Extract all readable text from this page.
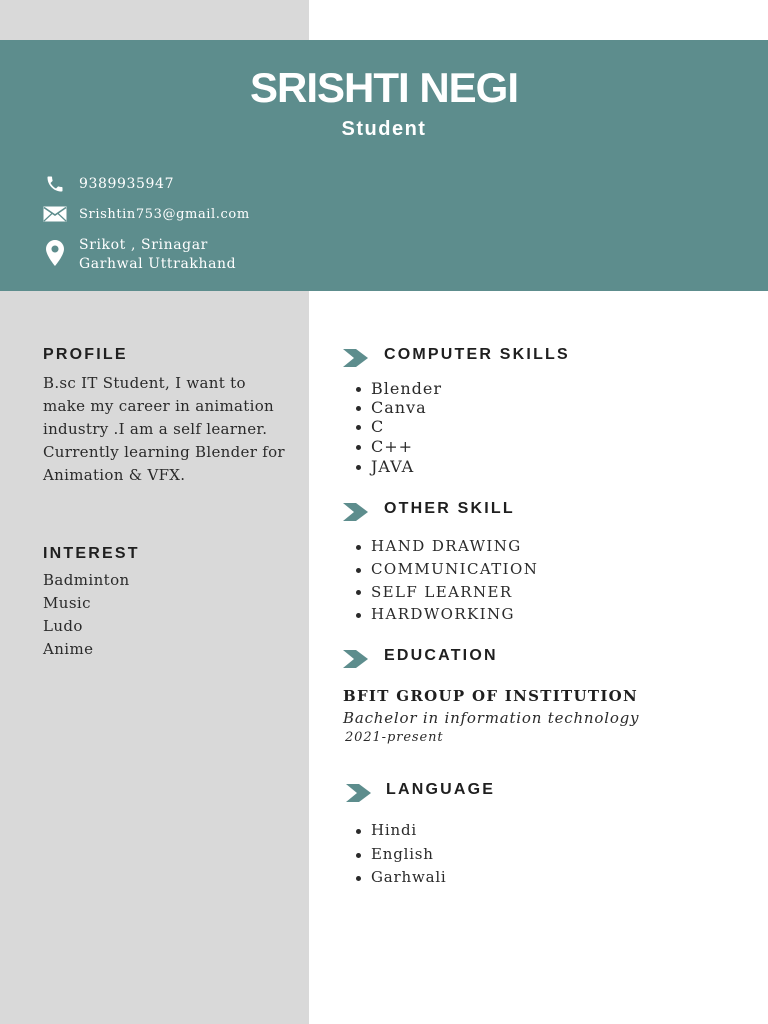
SRISHTI NEGI
Student
9389935947
Srishtin753@gmail.com
Srikot , Srinagar
Garhwal Uttrakhand
PROFILE
B.sc IT Student, I want to make my career in animation industry .I am a self learner. Currently learning Blender for Animation & VFX.
INTEREST
Badminton
Music
Ludo
Anime
COMPUTER SKILLS
Blender
Canva
C
C++
JAVA
OTHER SKILL
HAND DRAWING
COMMUNICATION
SELF LEARNER
HARDWORKING
EDUCATION
BFIT GROUP OF INSTITUTION
Bachelor in information technology
2021-present
LANGUAGE
Hindi
English
Garhwali
